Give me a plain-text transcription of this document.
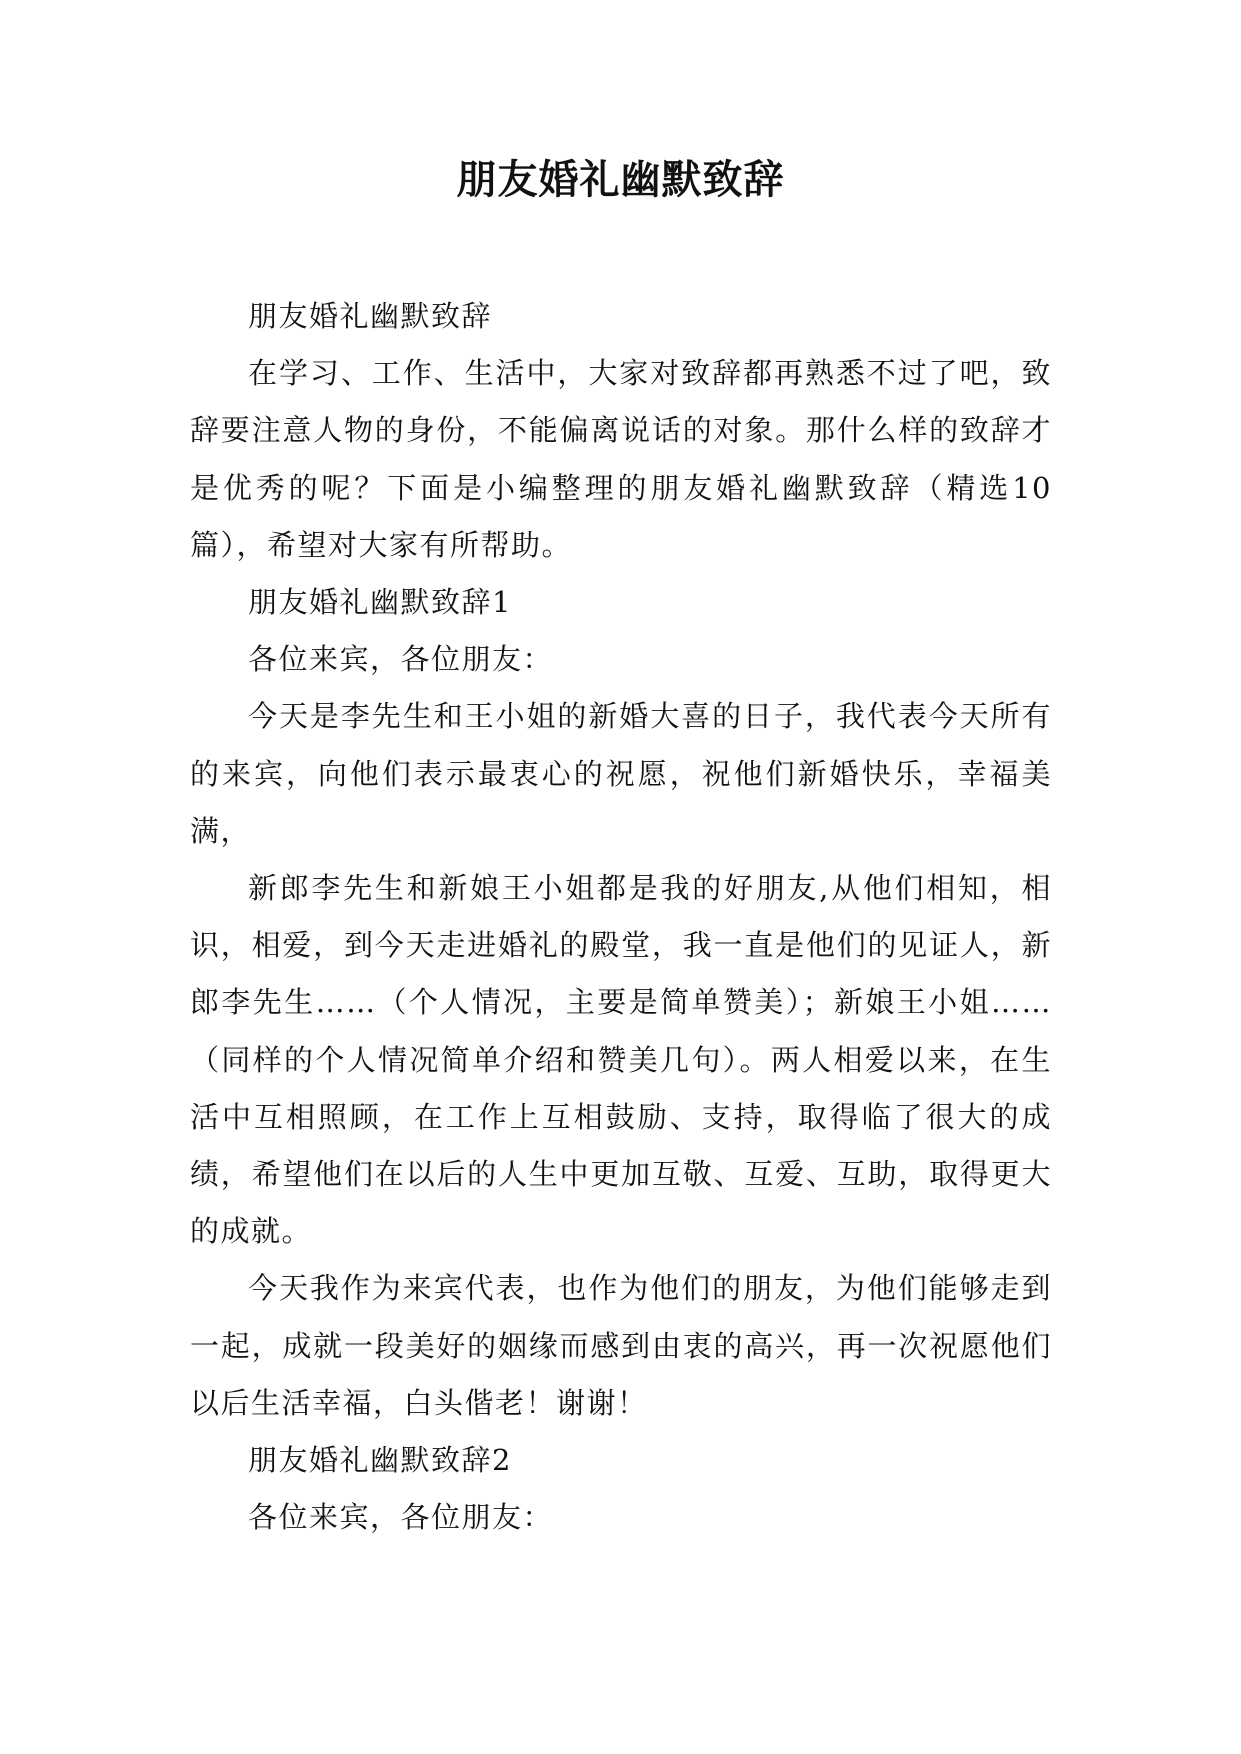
朋友婚礼幽默致辞

朋友婚礼幽默致辞

在学习、工作、生活中，大家对致辞都再熟悉不过了吧，致辞要注意人物的身份，不能偏离说话的对象。那什么样的致辞才是优秀的呢？下面是小编整理的朋友婚礼幽默致辞（精选10篇），希望对大家有所帮助。

朋友婚礼幽默致辞1

各位来宾，各位朋友：

今天是李先生和王小姐的新婚大喜的日子，我代表今天所有的来宾，向他们表示最衷心的祝愿，祝他们新婚快乐，幸福美满，

新郎李先生和新娘王小姐都是我的好朋友,从他们相知，相识，相爱，到今天走进婚礼的殿堂，我一直是他们的见证人，新郎李先生……（个人情况，主要是简单赞美）；新娘王小姐……（同样的个人情况简单介绍和赞美几句）。两人相爱以来，在生活中互相照顾，在工作上互相鼓励、支持，取得临了很大的成绩，希望他们在以后的人生中更加互敬、互爱、互助，取得更大的成就。

今天我作为来宾代表，也作为他们的朋友，为他们能够走到一起，成就一段美好的姻缘而感到由衷的高兴，再一次祝愿他们以后生活幸福，白头偕老！谢谢！

朋友婚礼幽默致辞2

各位来宾，各位朋友：
